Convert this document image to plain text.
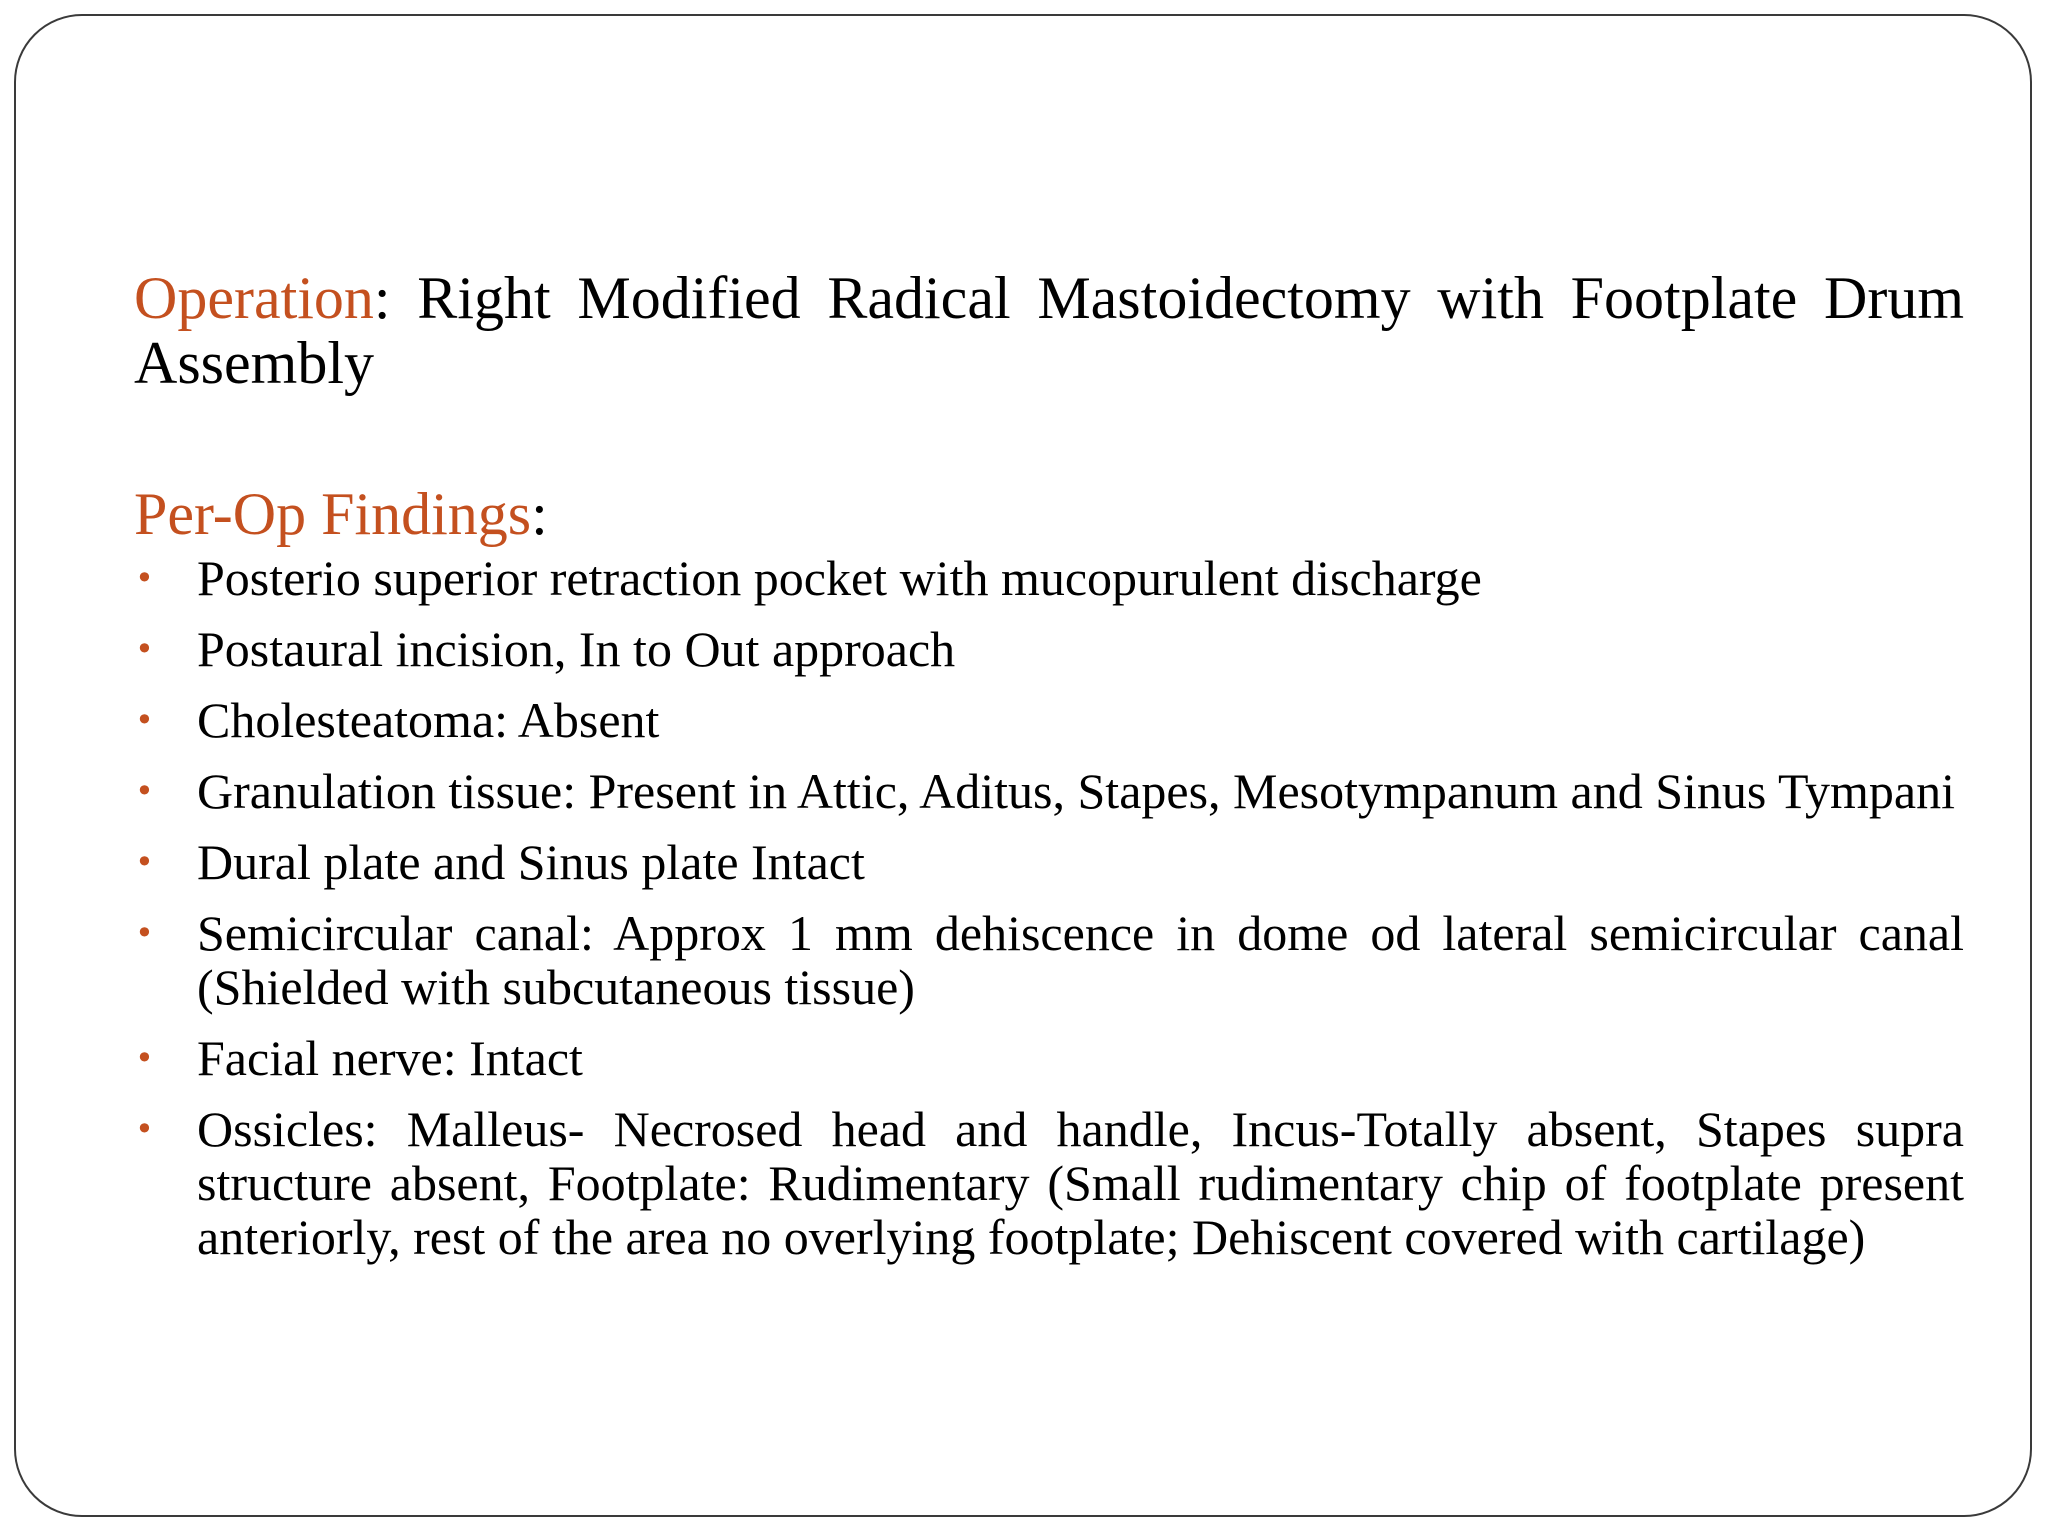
Operation: Right Modified Radical Mastoidectomy with Footplate Drum Assembly

Per-Op Findings:

• Posterio superior retraction pocket with mucopurulent discharge
• Postaural incision, In to Out approach
• Cholesteatoma: Absent
• Granulation tissue: Present in Attic, Aditus, Stapes, Mesotympanum and Sinus Tympani
• Dural plate and Sinus plate Intact
• Semicircular canal: Approx 1 mm dehiscence in dome od lateral semicircular canal (Shielded with subcutaneous tissue)
• Facial nerve: Intact
• Ossicles: Malleus- Necrosed head and handle, Incus-Totally absent, Stapes supra structure absent, Footplate: Rudimentary (Small rudimentary chip of footplate present anteriorly, rest of the area no overlying footplate; Dehiscent covered with cartilage)
